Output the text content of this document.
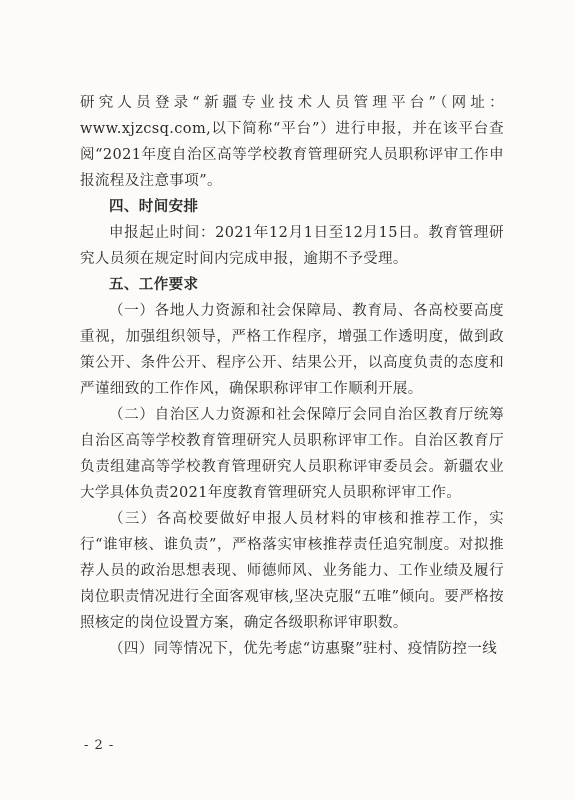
研究人员登录“新疆专业技术人员管理平台”（网址：www.xjzcsq.com,以下简称“平台”）进行申报，并在该平台查阅“2021年度自治区高等学校教育管理研究人员职称评审工作申报流程及注意事项”。

四、时间安排

申报起止时间：2021年12月1日至12月15日。教育管理研究人员须在规定时间内完成申报，逾期不予受理。

五、工作要求

（一）各地人力资源和社会保障局、教育局、各高校要高度重视，加强组织领导，严格工作程序，增强工作透明度，做到政策公开、条件公开、程序公开、结果公开，以高度负责的态度和严谨细致的工作作风，确保职称评审工作顺利开展。

（二）自治区人力资源和社会保障厅会同自治区教育厅统筹自治区高等学校教育管理研究人员职称评审工作。自治区教育厅负责组建高等学校教育管理研究人员职称评审委员会。新疆农业大学具体负责2021年度教育管理研究人员职称评审工作。

（三）各高校要做好申报人员材料的审核和推荐工作，实行“谁审核、谁负责”，严格落实审核推荐责任追究制度。对拟推荐人员的政治思想表现、师德师风、业务能力、工作业绩及履行岗位职责情况进行全面客观审核,坚决克服“五唯”倾向。要严格按照核定的岗位设置方案，确定各级职称评审职数。

（四）同等情况下，优先考虑“访惠聚”驻村、疫情防控一线

- 2 -
